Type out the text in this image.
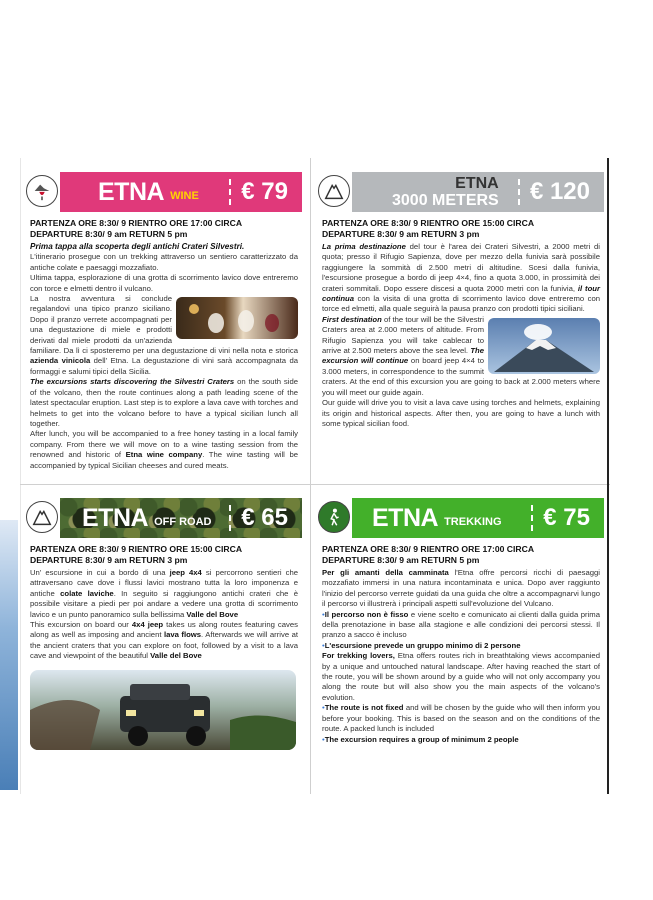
ETNA WINE € 79
PARTENZA ORE 8:30/ 9 RIENTRO ORE 17:00 CIRCA
DEPARTURE 8:30/ 9 am RETURN 5 pm
Prima tappa alla scoperta degli antichi Crateri Silvestri.
L'itinerario prosegue con un trekking attraverso un sentiero caratterizzato da antiche colate e paesaggi mozzafiato.
Ultima tappa, esplorazione di una grotta di scorrimento lavico dove entreremo con torce e elmetti dentro il vulcano.
La nostra avventura si conclude regalandovi una tipico pranzo siciliano. Dopo il pranzo verrete accompagnati per una degustazione di miele e prodotti derivati dal miele prodotti da un'azienda familiare. Da lì ci sposteremo per una degustazione di vini nella nota e storica azienda vinicola dell' Etna. La degustazione di vini sarà accompagnata da formaggi e salumi tipici della Sicilia.
The excursions starts discovering the Silvestri Craters on the south side of the volcano, then the route continues along a path leading scene of the latest spectacular eruption. Last step is to explore a lava cave with torches and helmets to get into the volcano before to have a typical sicilian lunch all together.
After lunch, you will be accompanied to a free honey tasting in a local family company. From there we will move on to a wine tasting session from the renowned and historic of Etna wine company. The wine tasting will be accompanied by typical Sicilian cheeses and cured meats.
ETNA
3000 METERS € 120
PARTENZA ORE 8:30/ 9 RIENTRO ORE 15:00 CIRCA
DEPARTURE 8:30/ 9 am RETURN 3 pm
La prima destinazione del tour è l'area dei Crateri Silvestri, a 2000 metri di quota; presso il Rifugio Sapienza, dove per mezzo della funivia sarà possibile raggiungere la sommità di 2.500 metri di altitudine. Scesi dalla funivia, l'escursione prosegue a bordo di jeep 4×4, fino a quota 3.000, in prossimità dei crateri sommitali. Dopo essere discesi a quota 2000 metri con la funivia, il tour continua con la visita di una grotta di scorrimento lavico dove entreremo con torce ed elmetti, alla quale seguirà la pausa pranzo con prodotti tipici siciliani.
First destination of the tour will be the Silvestri Craters area at 2.000 meters of altitude. From Rifugio Sapienza you will take cablecar to arrive at 2.500 meters above the sea level. The excursion will continue on board jeep 4×4 to 3.000 meters, in correspondence to the summit craters. At the end of this excursion you are going to back at 2.000 meters where you will meet our guide again.
Our guide will drive you to visit a lava cave using torches and helmets, explaining its origin and historical aspects. After then, you are going to have a lunch with some typical sicilian food.
ETNA OFF ROAD € 65
PARTENZA ORE 8:30/ 9 RIENTRO ORE 15:00 CIRCA
DEPARTURE 8:30/ 9 am RETURN 3 pm
Un' escursione in cui a bordo di una jeep 4x4 si percorrono sentieri che attraversano cave dove i flussi lavici mostrano tutta la loro imponenza e antiche colate laviche. In seguito si raggiungono antichi crateri che è possibile visitare a piedi per poi andare a vedere una grotta di scorrimento lavico e un punto panoramico sulla bellissima Valle del Bove
This excursion on board our 4x4 jeep takes us along routes featuring caves along as well as imposing and ancient lava flows. Afterwards we will arrive at the ancient craters that you can explore on foot, followed by a visit to a lava cave and viewpoint of the beautiful Valle del Bove
ETNA TREKKING € 75
PARTENZA ORE 8:30/ 9 RIENTRO ORE 17:00 CIRCA
DEPARTURE 8:30/ 9 am RETURN 5 pm
Per gli amanti della camminata l'Etna offre percorsi ricchi di paesaggi mozzafiato immersi in una natura incontaminata e unica. Dopo aver raggiunto l'inizio del percorso verrete guidati da una guida che oltre a accompagnarvi lungo il percorso vi illustrerà i principali aspetti sull'evoluzione del Vulcano.
•Il percorso non è fisso e viene scelto e comunicato ai clienti dalla guida prima della prenotazione in base alla stagione e alle condizioni dei percorsi stessi. Il pranzo a sacco è incluso
•L'escursione prevede un gruppo minimo di 2 persone
For trekking lovers, Etna offers routes rich in breathtaking views accompanied by a unique and untouched natural landscape. After having reached the start of the route, you will be shown around by a guide who will not only accompany you along the route but will also show you the main aspects of the volcano's evolution.
•The route is not fixed and will be chosen by the guide who will then inform you before your booking. This is based on the season and on the conditions of the route. A packed lunch is included
•The excursion requires a group of minimum 2 people
